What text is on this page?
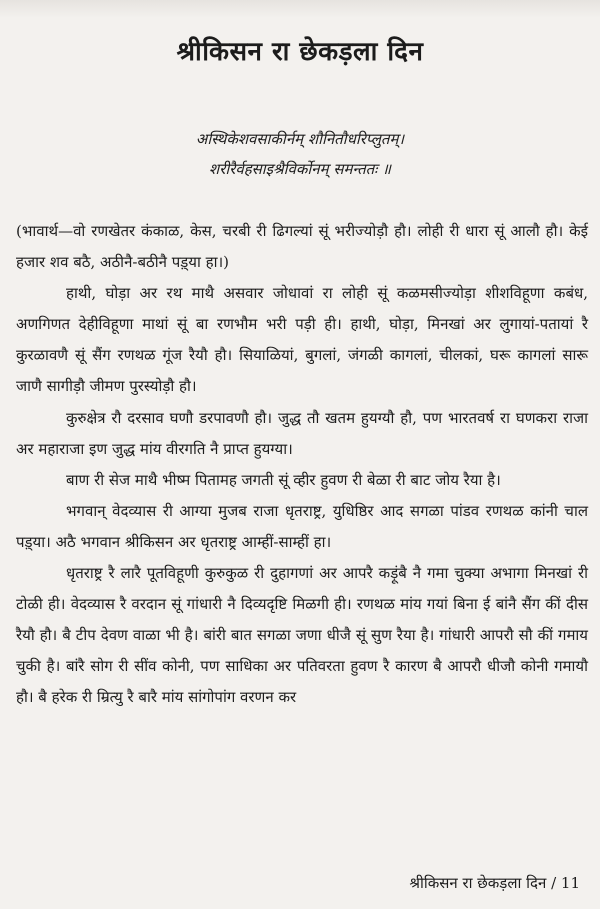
श्रीकिसन रा छेकड़ला दिन
अस्थिकेशवसाकीर्नम् शौनितौधरिप्लुतम्।
शरीरैर्वहसाइश्रैविर्कोनम् समन्ततः ॥

(भावार्थ—वो रणखेतर कंकाळ, केस, चरबी री ढिगल्यां सूं भरीज्योड़ौ हौ। लोही री धारा सूं आलौ हौ। केई हजार शव बठै, अठीनै-बठीनै पड़्या हा।)

हाथी, घोड़ा अर रथ माथै असवार जोधावां रा लोही सूं कळमसीज्योड़ा शीशविहूणा कबंध, अणगिणत देहीविहूणा माथां सूं बा रणभौम भरी पड़ी ही। हाथी, घोड़ा, मिनखां अर लुगायां-पतायां रै कुरळावणै सूं सैंग रणथळ गूंज रैयौ हौ। सियाळियां, बुगलां, जंगळी कागलां, चीलकां, घरू कागलां सारू जाणै सागीड़ौ जीमण पुरस्योड़ौ हौ।

कुरुक्षेत्र रौ दरसाव घणौ डरपावणौ हौ। जुद्ध तौ खतम हुयग्यौ हौ, पण भारतवर्ष रा घणकरा राजा अर महाराजा इण जुद्ध मांय वीरगति नै प्राप्त हुयग्या।

बाण री सेज माथै भीष्म पितामह जगती सूं व्हीर हुवण री बेळा री बाट जोय रैया है।

भगवान् वेदव्यास री आग्या मुजब राजा धृतराष्ट्र, युधिष्ठिर आद सगळा पांडव रणथळ कांनी चाल पड़्या। अठै भगवान श्रीकिसन अर धृतराष्ट्र आम्हीं-साम्हीं हा।

धृतराष्ट्र रै लारै पूतविहूणी कुरुकुळ री दुहागणां अर आपरै कड़ूंबै नै गमा चुक्या अभागा मिनखां री टोळी ही। वेदव्यास रै वरदान सूं गांधारी नै दिव्यदृष्टि मिळगी ही। रणथळ मांय गयां बिना ई बांनै सैंग कीं दीस रैयौ हौ। बै टीप देवण वाळा भी है। बांरी बात सगळा जणा धीजै सूं सुण रैया है। गांधारी आपरौ सौ कीं गमाय चुकी है। बांरै सोग री सींव कोनी, पण साधिका अर पतिवरता हुवण रै कारण बै आपरौ धीजौ कोनी गमायौ हौ। बै हरेक री म्रित्यु रै बारै मांय सांगोपांग वरणन कर

श्रीकिसन रा छेकड़ला दिन / 11
